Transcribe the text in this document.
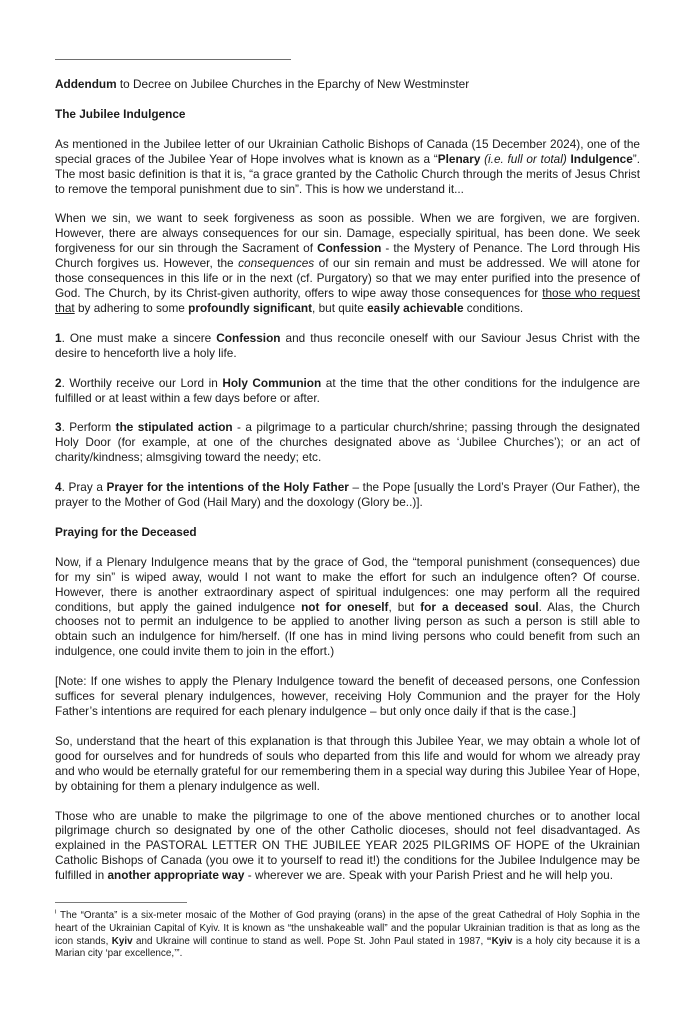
Addendum to Decree on Jubilee Churches in the Eparchy of New Westminster

The Jubilee Indulgence

As mentioned in the Jubilee letter of our Ukrainian Catholic Bishops of Canada (15 December 2024), one of the special graces of the Jubilee Year of Hope involves what is known as a “Plenary (i.e. full or total) Indulgence”. The most basic definition is that it is, “a grace granted by the Catholic Church through the merits of Jesus Christ to remove the temporal punishment due to sin”. This is how we understand it...

When we sin, we want to seek forgiveness as soon as possible. When we are forgiven, we are forgiven. However, there are always consequences for our sin. Damage, especially spiritual, has been done. We seek forgiveness for our sin through the Sacrament of Confession - the Mystery of Penance. The Lord through His Church forgives us. However, the consequences of our sin remain and must be addressed. We will atone for those consequences in this life or in the next (cf. Purgatory) so that we may enter purified into the presence of God. The Church, by its Christ-given authority, offers to wipe away those consequences for those who request that by adhering to some profoundly significant, but quite easily achievable conditions.

1. One must make a sincere Confession and thus reconcile oneself with our Saviour Jesus Christ with the desire to henceforth live a holy life.

2. Worthily receive our Lord in Holy Communion at the time that the other conditions for the indulgence are fulfilled or at least within a few days before or after.

3. Perform the stipulated action - a pilgrimage to a particular church/shrine; passing through the designated Holy Door (for example, at one of the churches designated above as ‘Jubilee Churches’); or an act of charity/kindness; almsgiving toward the needy; etc.

4. Pray a Prayer for the intentions of the Holy Father – the Pope [usually the Lord’s Prayer (Our Father), the prayer to the Mother of God (Hail Mary) and the doxology (Glory be..)].

Praying for the Deceased

Now, if a Plenary Indulgence means that by the grace of God, the “temporal punishment (consequences) due for my sin” is wiped away, would I not want to make the effort for such an indulgence often? Of course. However, there is another extraordinary aspect of spiritual indulgences: one may perform all the required conditions, but apply the gained indulgence not for oneself, but for a deceased soul. Alas, the Church chooses not to permit an indulgence to be applied to another living person as such a person is still able to obtain such an indulgence for him/herself. (If one has in mind living persons who could benefit from such an indulgence, one could invite them to join in the effort.)

[Note: If one wishes to apply the Plenary Indulgence toward the benefit of deceased persons, one Confession suffices for several plenary indulgences, however, receiving Holy Communion and the prayer for the Holy Father’s intentions are required for each plenary indulgence – but only once daily if that is the case.]

So, understand that the heart of this explanation is that through this Jubilee Year, we may obtain a whole lot of good for ourselves and for hundreds of souls who departed from this life and would for whom we already pray and who would be eternally grateful for our remembering them in a special way during this Jubilee Year of Hope, by obtaining for them a plenary indulgence as well.

Those who are unable to make the pilgrimage to one of the above mentioned churches or to another local pilgrimage church so designated by one of the other Catholic dioceses, should not feel disadvantaged. As explained in the PASTORAL LETTER ON THE JUBILEE YEAR 2025 PILGRIMS OF HOPE of the Ukrainian Catholic Bishops of Canada (you owe it to yourself to read it!) the conditions for the Jubilee Indulgence may be fulfilled in another appropriate way - wherever we are. Speak with your Parish Priest and he will help you.

$^i$ The “Oranta” is a six-meter mosaic of the Mother of God praying (orans) in the apse of the great Cathedral of Holy Sophia in the heart of the Ukrainian Capital of Kyiv. It is known as “the unshakeable wall” and the popular Ukrainian tradition is that as long as the icon stands, Kyiv and Ukraine will continue to stand as well. Pope St. John Paul stated in 1987, “Kyiv is a holy city because it is a Marian city ‘par excellence,’”.
